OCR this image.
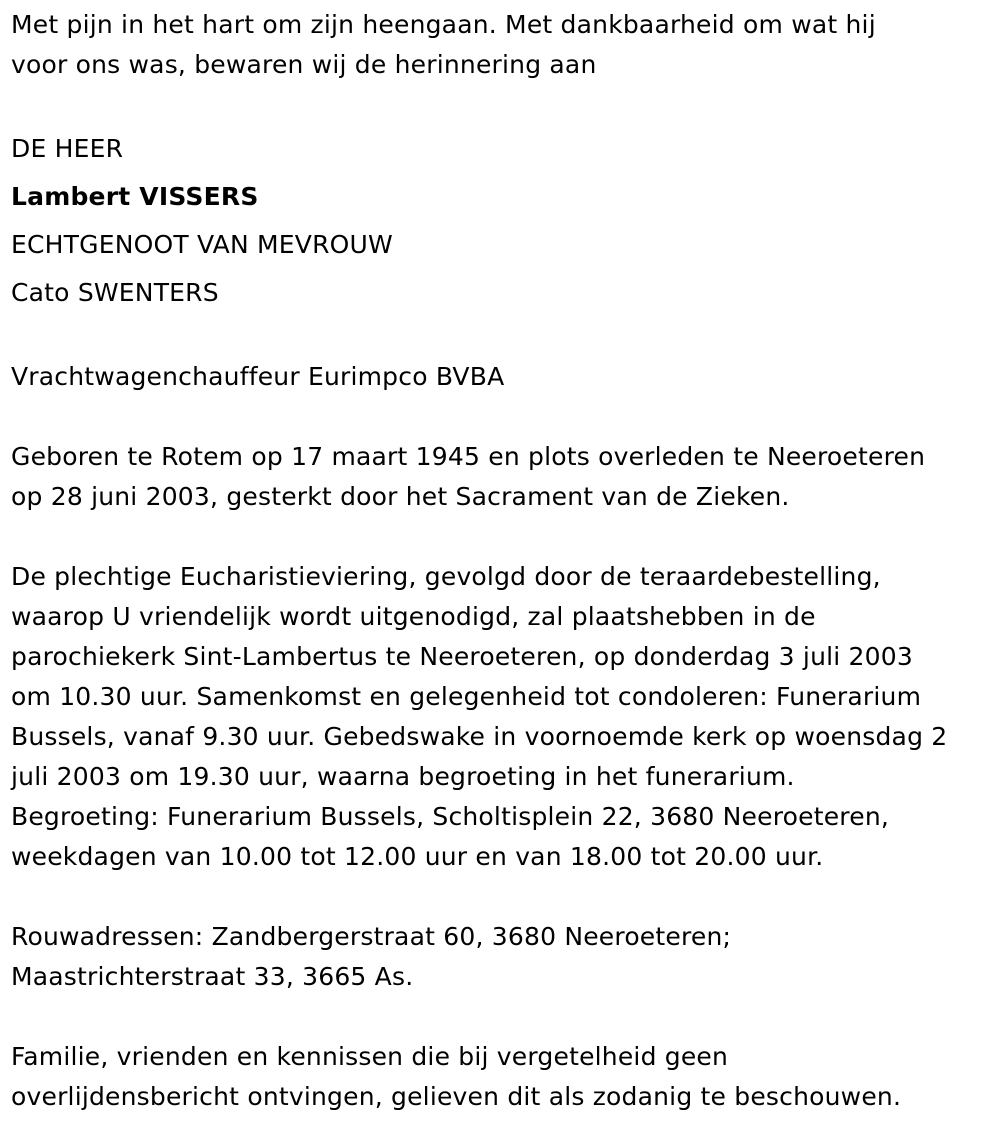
Met pijn in het hart om zijn heengaan. Met dankbaarheid om wat hij

voor ons was, bewaren wij de herinnering aan

DE HEER

Lambert VISSERS

ECHTGENOOT VAN MEVROUW

Cato SWENTERS

Vrachtwagenchauffeur Eurimpco BVBA

Geboren te Rotem op 17 maart 1945 en plots overleden te Neeroeteren

op 28 juni 2003, gesterkt door het Sacrament van de Zieken.

De plechtige Eucharistieviering, gevolgd door de teraardebestelling,

waarop U vriendelijk wordt uitgenodigd, zal plaatshebben in de

parochiekerk Sint-Lambertus te Neeroeteren, op donderdag 3 juli 2003

om 10.30 uur. Samenkomst en gelegenheid tot condoleren: Funerarium

Bussels, vanaf 9.30 uur. Gebedswake in voornoemde kerk op woensdag 2

juli 2003 om 19.30 uur, waarna begroeting in het funerarium.

Begroeting: Funerarium Bussels, Scholtisplein 22, 3680 Neeroeteren,

weekdagen van 10.00 tot 12.00 uur en van 18.00 tot 20.00 uur.

Rouwadressen: Zandbergerstraat 60, 3680 Neeroeteren;

Maastrichterstraat 33, 3665 As.

Familie, vrienden en kennissen die bij vergetelheid geen

overlijdensbericht ontvingen, gelieven dit als zodanig te beschouwen.
